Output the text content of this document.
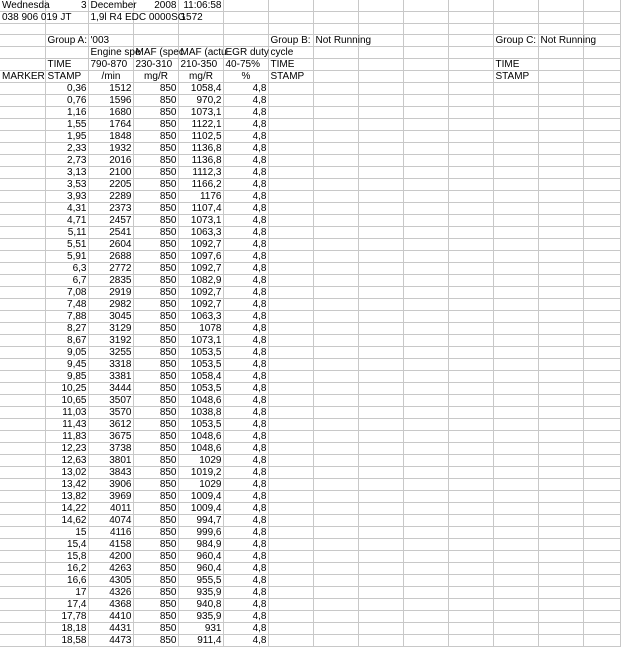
Wednesda	3	December	2008	11:06:58									
038 906 019 JT		1,9l R4 EDC 0000SG		1572									

	Group A:	'003				Group B:	Not Running				Group C:	Not Running	
		Engine spe	MAF (spec	MAF (actu	EGR duty	cycle							
	TIME	790-870	230-310	210-350	40-75%	TIME					TIME		
MARKER	STAMP	/min	mg/R	mg/R	%	STAMP					STAMP		
	0,36	1512	850	1058,4	4,8								
	0,76	1596	850	970,2	4,8								
	1,16	1680	850	1073,1	4,8								
	1,55	1764	850	1122,1	4,8								
	1,95	1848	850	1102,5	4,8								
	2,33	1932	850	1136,8	4,8								
	2,73	2016	850	1136,8	4,8								
	3,13	2100	850	1112,3	4,8								
	3,53	2205	850	1166,2	4,8								
	3,93	2289	850	1176	4,8								
	4,31	2373	850	1107,4	4,8								
	4,71	2457	850	1073,1	4,8								
	5,11	2541	850	1063,3	4,8								
	5,51	2604	850	1092,7	4,8								
	5,91	2688	850	1097,6	4,8								
	6,3	2772	850	1092,7	4,8								
	6,7	2835	850	1082,9	4,8								
	7,08	2919	850	1092,7	4,8								
	7,48	2982	850	1092,7	4,8								
	7,88	3045	850	1063,3	4,8								
	8,27	3129	850	1078	4,8								
	8,67	3192	850	1073,1	4,8								
	9,05	3255	850	1053,5	4,8								
	9,45	3318	850	1053,5	4,8								
	9,85	3381	850	1058,4	4,8								
	10,25	3444	850	1053,5	4,8								
	10,65	3507	850	1048,6	4,8								
	11,03	3570	850	1038,8	4,8								
	11,43	3612	850	1053,5	4,8								
	11,83	3675	850	1048,6	4,8								
	12,23	3738	850	1048,6	4,8								
	12,63	3801	850	1029	4,8								
	13,02	3843	850	1019,2	4,8								
	13,42	3906	850	1029	4,8								
	13,82	3969	850	1009,4	4,8								
	14,22	4011	850	1009,4	4,8								
	14,62	4074	850	994,7	4,8								
	15	4116	850	999,6	4,8								
	15,4	4158	850	984,9	4,8								
	15,8	4200	850	960,4	4,8								
	16,2	4263	850	960,4	4,8								
	16,6	4305	850	955,5	4,8								
	17	4326	850	935,9	4,8								
	17,4	4368	850	940,8	4,8								
	17,78	4410	850	935,9	4,8								
	18,18	4431	850	931	4,8								
	18,58	4473	850	911,4	4,8								
